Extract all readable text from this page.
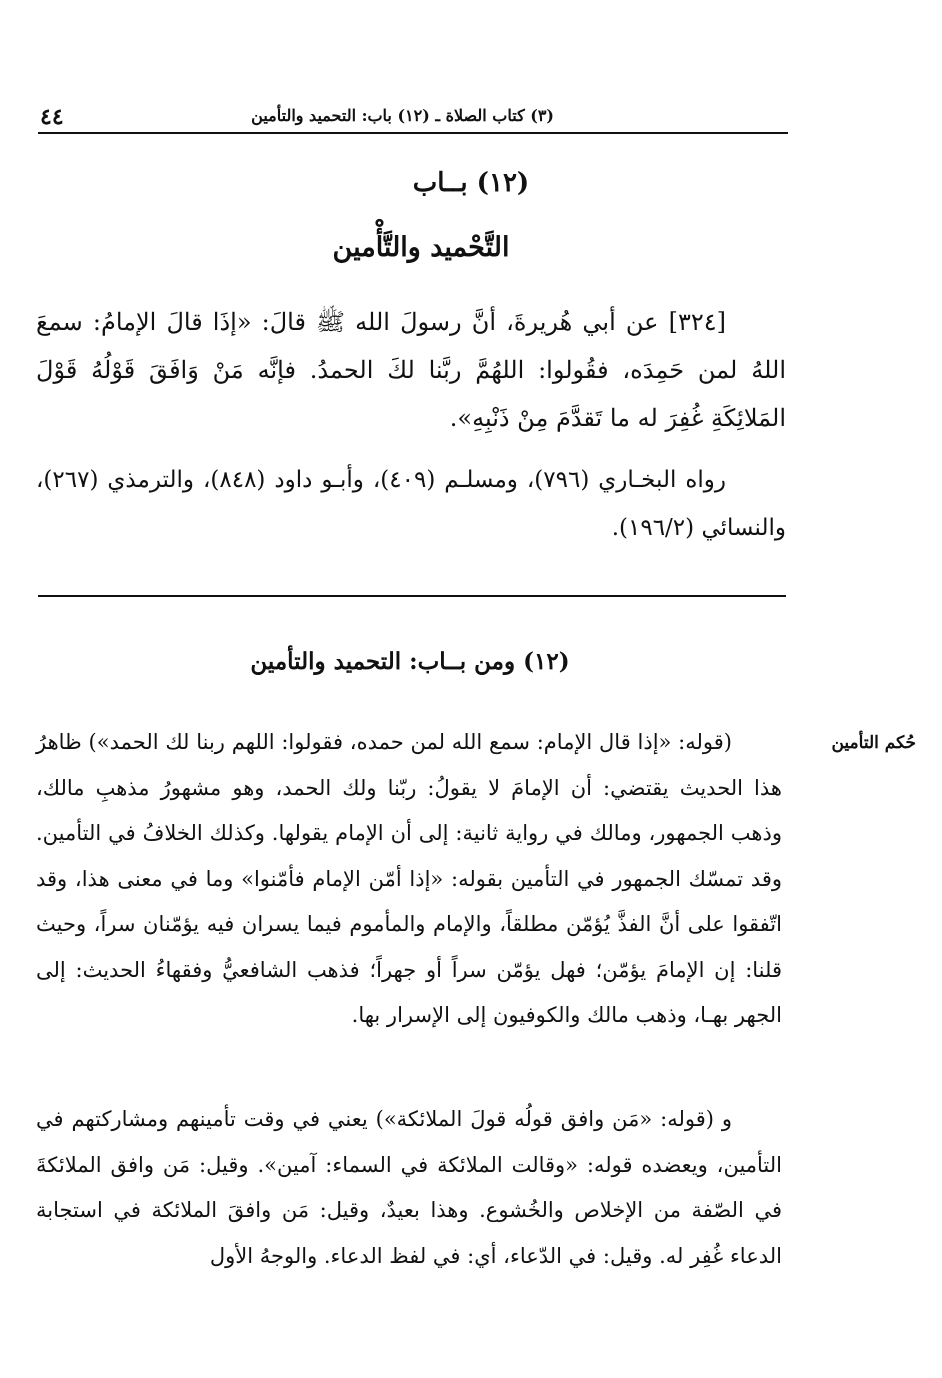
٤٤	(٣) كتاب الصلاة ـ (١٢) باب: التحميد والتأمين
(١٢) بــاب
التَّحْميد والتَّأْمين

[٣٢٤] عن أبي هُريرةَ، أنَّ رسولَ الله ﷺ قالَ: «إذَا قالَ الإمامُ: سمعَ اللهُ لمن حَمِدَه، فقُولوا: اللهُمَّ ربَّنا لكَ الحمدُ. فإنَّه مَنْ وَافَقَ قَوْلُهُ قَوْلَ المَلائِكَةِ غُفِرَ له ما تَقدَّمَ مِنْ ذَنْبِهِ».

رواه البخـاري (٧٩٦)، ومسلـم (٤٠٩)، وأبـو داود (٨٤٨)، والترمذي (٢٦٧)، والنسائي (١٩٦/٢).

(١٢) ومن بــاب: التحميد والتأمين
حُكم التأمين

(قوله: «إذا قال الإمام: سمع الله لمن حمده، فقولوا: اللهم ربنا لك الحمد») ظاهرُ هذا الحديث يقتضي: أن الإمامَ لا يقولُ: ربّنا ولك الحمد، وهو مشهورُ مذهبِ مالك، وذهب الجمهور، ومالك في رواية ثانية: إلى أن الإمام يقولها. وكذلك الخلافُ في التأمين. وقد تمسّك الجمهور في التأمين بقوله: «إذا أمّن الإمام فأمّنوا» وما في معنى هذا، وقد اتّفقوا على أنَّ الفذَّ يُؤمّن مطلقاً، والإمام والمأموم فيما يسران فيه يؤمّنان سراً، وحيث قلنا: إن الإمامَ يؤمّن؛ فهل يؤمّن سراً أو جهراً؛ فذهب الشافعيُّ وفقهاءُ الحديث: إلى الجهر بهـا، وذهب مالك والكوفيون إلى الإسرار بها.

و (قوله: «مَن وافق قولُه قولَ الملائكة») يعني في وقت تأمينهم ومشاركتهم في التأمين، ويعضده قوله: «وقالت الملائكة في السماء: آمين». وقيل: مَن وافق الملائكةَ في الصّفة من الإخلاص والخُشوع. وهذا بعيدٌ، وقيل: مَن وافقَ الملائكة في استجابة الدعاء غُفِر له. وقيل: في الدّعاء، أي: في لفظ الدعاء. والوجهُ الأول
